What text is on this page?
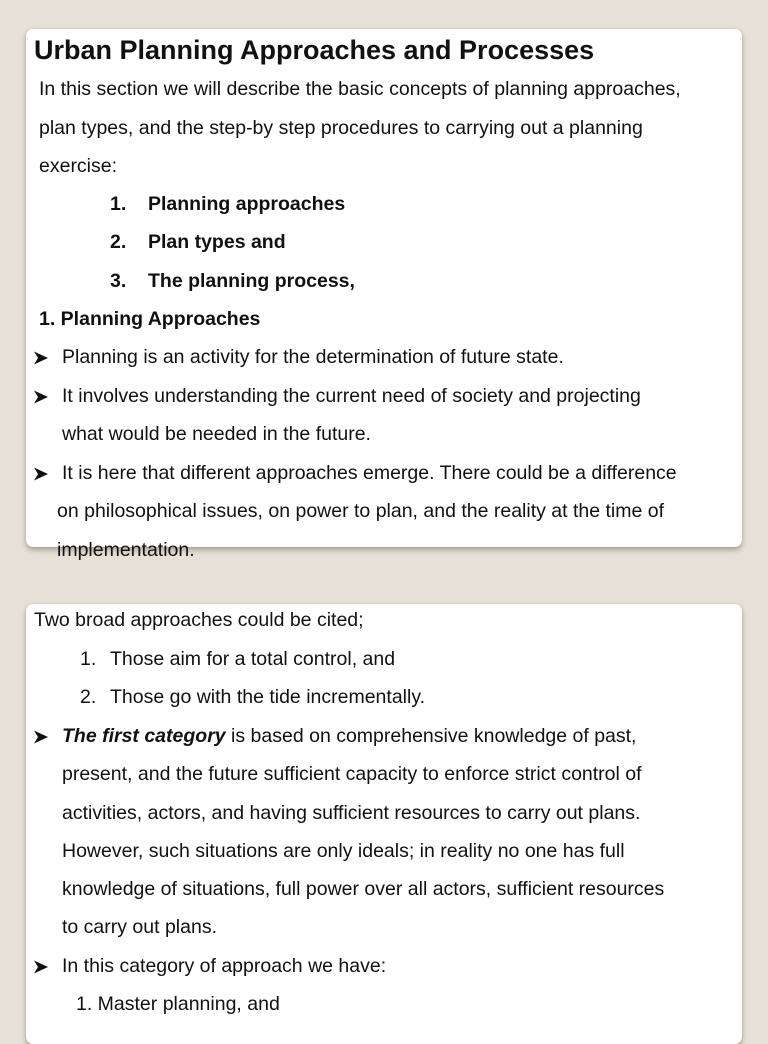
Urban Planning Approaches and Processes
In this section we will describe the basic concepts of planning approaches,
plan types, and the step-by step procedures to carrying out a planning
exercise:
1. Planning approaches
2. Plan types and
3. The planning process,
1. Planning Approaches
Planning is an activity for the determination of future state.
It involves understanding the current need of society and projecting
what would be needed in the future.
It is here that different approaches emerge. There could be a difference
on philosophical issues, on power to plan, and the reality at the time of
implementation.
Two broad approaches could be cited;
1. Those aim for a total control, and
2. Those go with the tide incrementally.
The first category is based on comprehensive knowledge of past,
present, and the future sufficient capacity to enforce strict control of
activities, actors, and having sufficient resources to carry out plans.
However, such situations are only ideals; in reality no one has full
knowledge of situations, full power over all actors, sufficient resources
to carry out plans.
In this category of approach we have:
1. Master planning, and
